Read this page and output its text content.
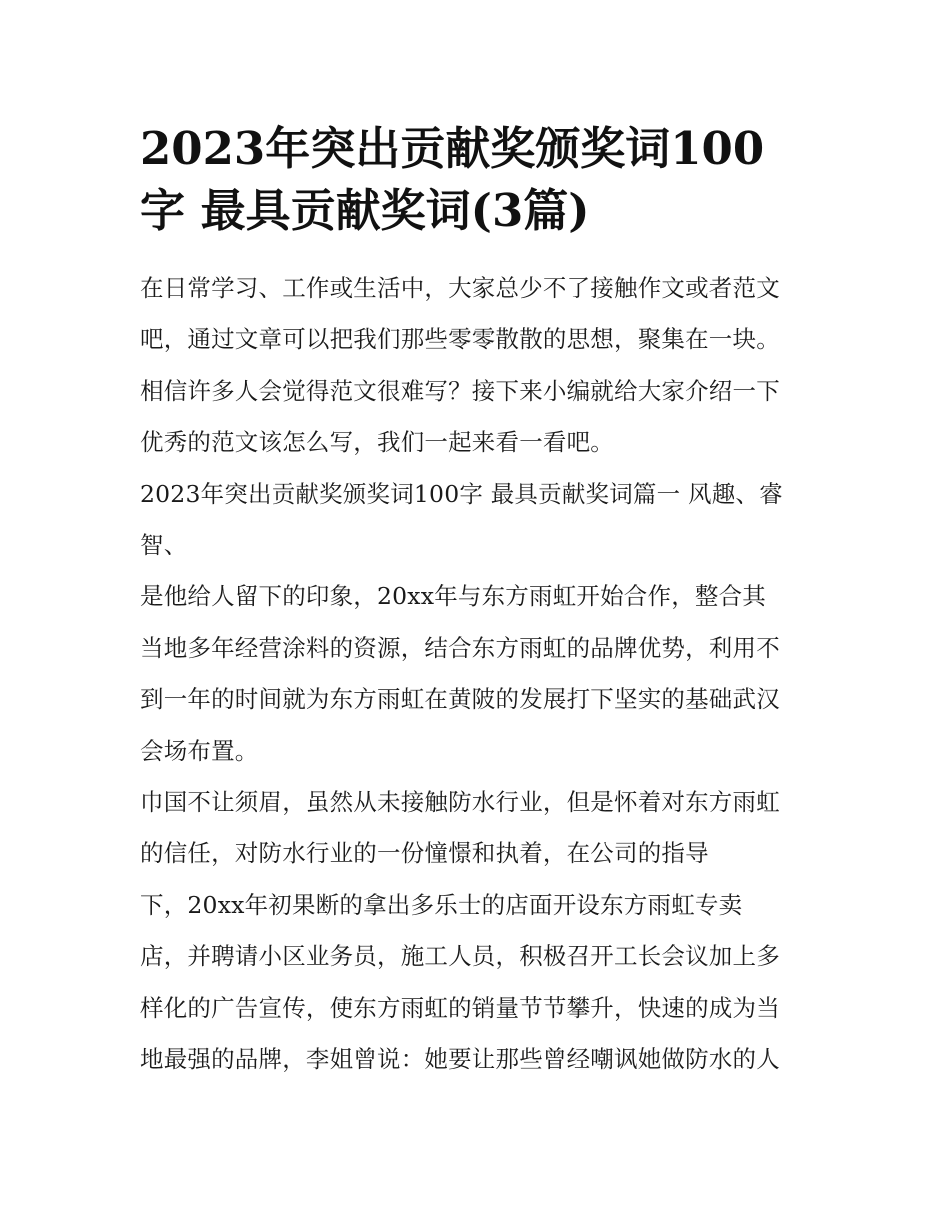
2023年突出贡献奖颁奖词100
字 最具贡献奖词(3篇)

在日常学习、工作或生活中，大家总少不了接触作文或者范文
吧，通过文章可以把我们那些零零散散的思想，聚集在一块。
相信许多人会觉得范文很难写？接下来小编就给大家介绍一下
优秀的范文该怎么写，我们一起来看一看吧。

2023年突出贡献奖颁奖词100字 最具贡献奖词篇一 风趣、睿
智、

是他给人留下的印象，20xx年与东方雨虹开始合作，整合其
当地多年经营涂料的资源，结合东方雨虹的品牌优势，利用不
到一年的时间就为东方雨虹在黄陂的发展打下坚实的基础武汉
会场布置。

巾国不让须眉，虽然从未接触防水行业，但是怀着对东方雨虹
的信任，对防水行业的一份憧憬和执着，在公司的指导
下，20xx年初果断的拿出多乐士的店面开设东方雨虹专卖
店，并聘请小区业务员，施工人员，积极召开工长会议加上多
样化的广告宣传，使东方雨虹的销量节节攀升，快速的成为当
地最强的品牌，李姐曾说：她要让那些曾经嘲讽她做防水的人
